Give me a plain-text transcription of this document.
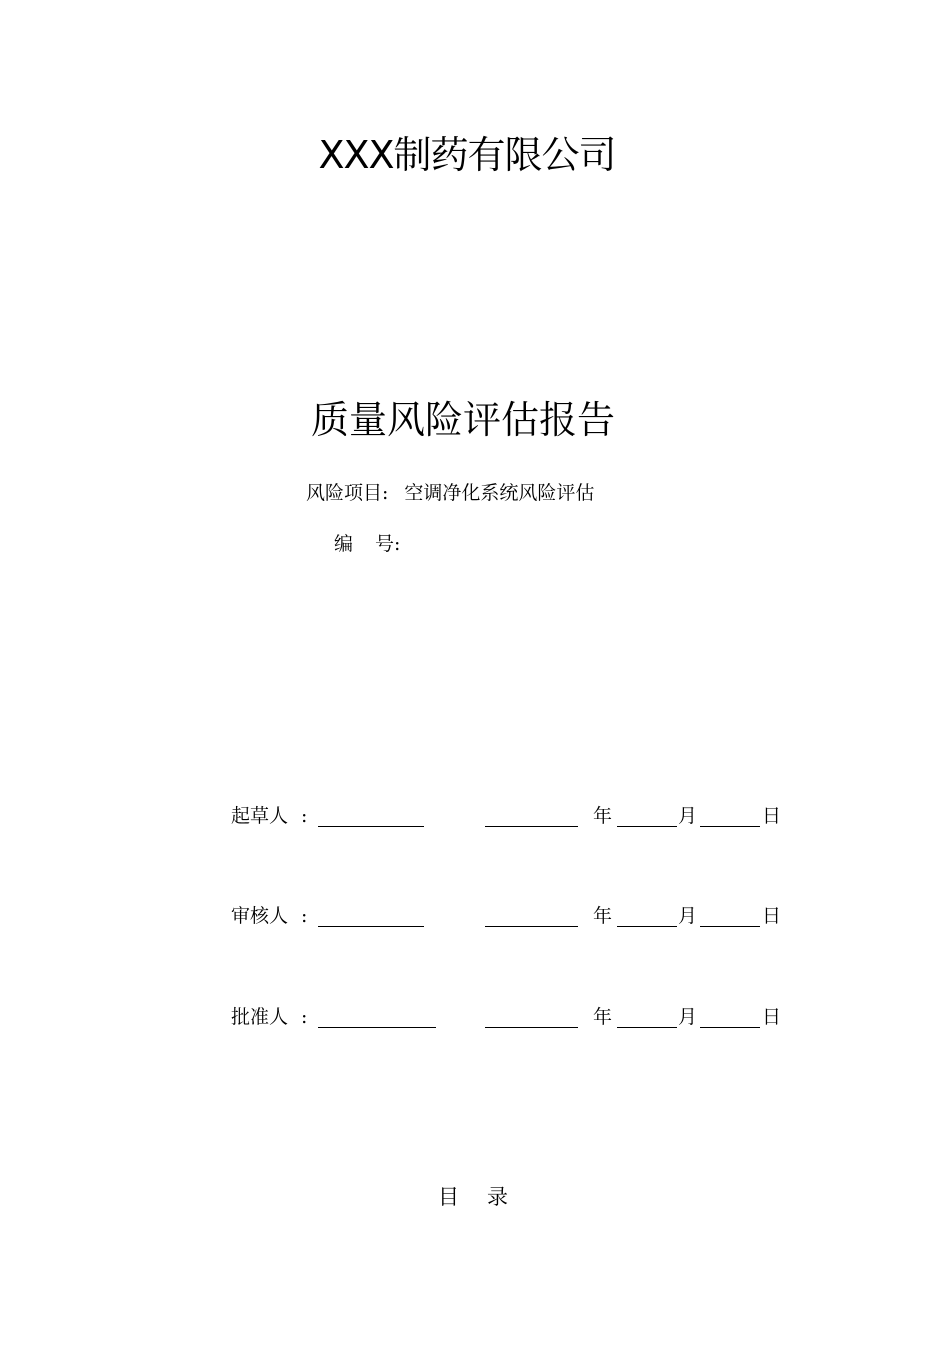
XXX制药有限公司
质量风险评估报告
风险项目: 空调净化系统风险评估
编 号:
起草人 :	年	月	日
审核人 :	年	月	日
批准人 :	年	月	日
目 录
